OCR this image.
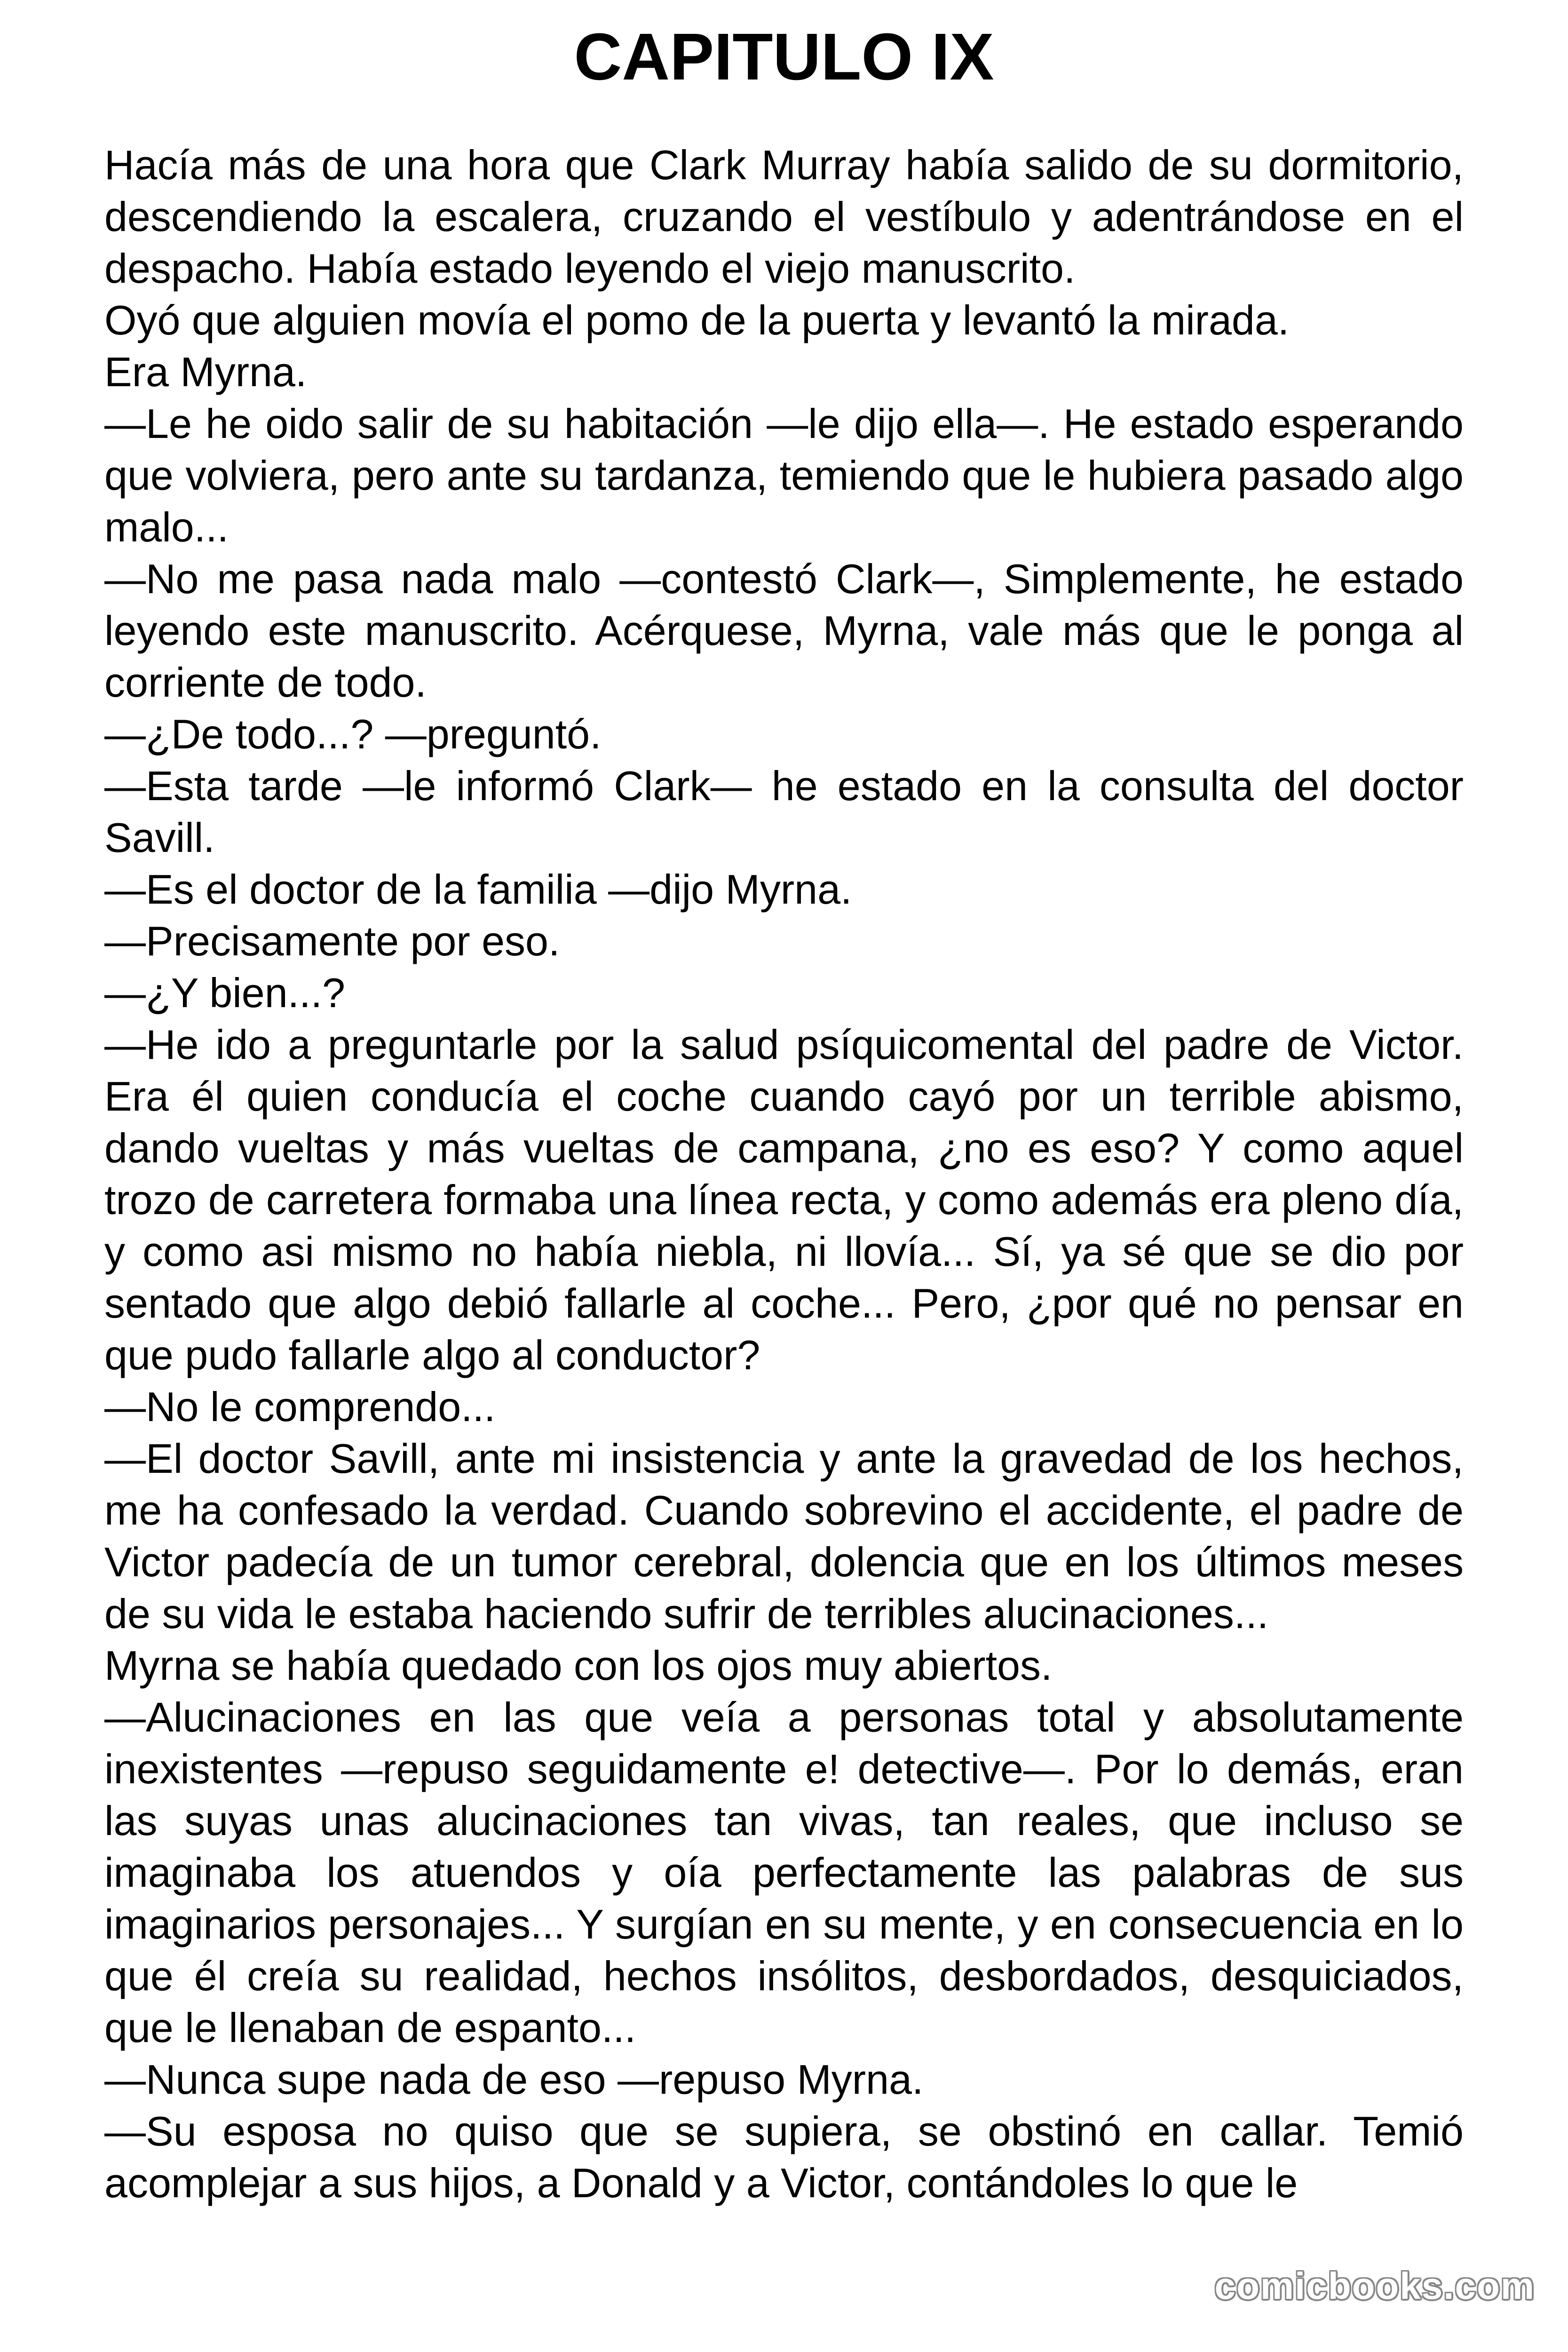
CAPITULO IX

Hacía más de una hora que Clark Murray había salido de su dormitorio, descendiendo la escalera, cruzando el vestíbulo y adentrándose en el despacho. Había estado leyendo el viejo manuscrito.

Oyó que alguien movía el pomo de la puerta y levantó la mirada.

Era Myrna.

—Le he oido salir de su habitación —le dijo ella—. He estado esperando que volviera, pero ante su tardanza, temiendo que le hubiera pasado algo malo...

—No me pasa nada malo —contestó Clark—, Simplemente, he estado leyendo este manuscrito. Acérquese, Myrna, vale más que le ponga al corriente de todo.

—¿De todo...? —preguntó.

—Esta tarde —le informó Clark— he estado en la consulta del doctor Savill.

—Es el doctor de la familia —dijo Myrna.

—Precisamente por eso.

—¿Y bien...?

—He ido a preguntarle por la salud psíquicomental del padre de Victor. Era él quien conducía el coche cuando cayó por un terrible abismo, dando vueltas y más vueltas de campana, ¿no es eso? Y como aquel trozo de carretera formaba una línea recta, y como además era pleno día, y como asi mismo no había niebla, ni llovía... Sí, ya sé que se dio por sentado que algo debió fallarle al coche... Pero, ¿por qué no pensar en que pudo fallarle algo al conductor?

—No le comprendo...

—El doctor Savill, ante mi insistencia y ante la gravedad de los hechos, me ha confesado la verdad. Cuando sobrevino el accidente, el padre de Victor padecía de un tumor cerebral, dolencia que en los últimos meses de su vida le estaba haciendo sufrir de terribles alucinaciones...

Myrna se había quedado con los ojos muy abiertos.

—Alucinaciones en las que veía a personas total y absolutamente inexistentes —repuso seguidamente e! detective—. Por lo demás, eran las suyas unas alucinaciones tan vivas, tan reales, que incluso se imaginaba los atuendos y oía perfectamente las palabras de sus imaginarios personajes... Y surgían en su mente, y en consecuencia en lo que él creía su realidad, hechos insólitos, desbordados, desquiciados, que le llenaban de espanto...

—Nunca supe nada de eso —repuso Myrna.

—Su esposa no quiso que se supiera, se obstinó en callar. Temió acomplejar a sus hijos, a Donald y a Victor, contándoles lo que le

comicbooks.com
